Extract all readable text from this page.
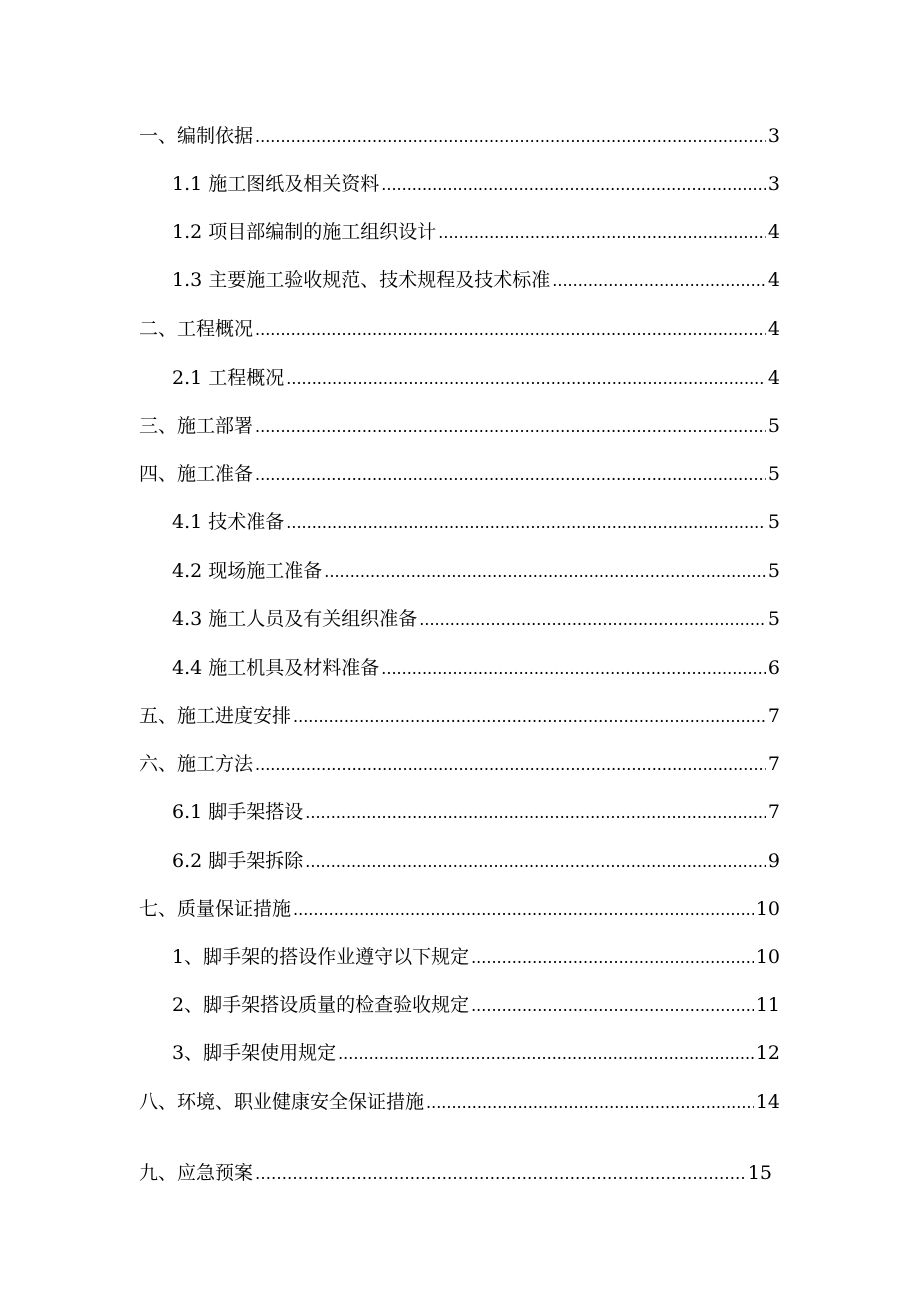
一、编制依据 .....	3
1.1 施工图纸及相关资料 .....	3
1.2 项目部编制的施工组织设计 .....	4
1.3 主要施工验收规范、技术规程及技术标准 .....	4
二、工程概况 .....	4
2.1 工程概况 .....	4
三、施工部署 .....	5
四、施工准备 .....	5
4.1 技术准备 .....	5
4.2 现场施工准备 .....	5
4.3 施工人员及有关组织准备 .....	5
4.4 施工机具及材料准备 .....	6
五、施工进度安排 .....	7
六、施工方法 .....	7
6.1 脚手架搭设 .....	7
6.2 脚手架拆除 .....	9
七、质量保证措施 .....	10
1、脚手架的搭设作业遵守以下规定 .....	10
2、脚手架搭设质量的检查验收规定 .....	11
3、脚手架使用规定 .....	12
八、环境、职业健康安全保证措施 .....	14
九、应急预案 ……………………………………………………………………………………………………………………………………	15
